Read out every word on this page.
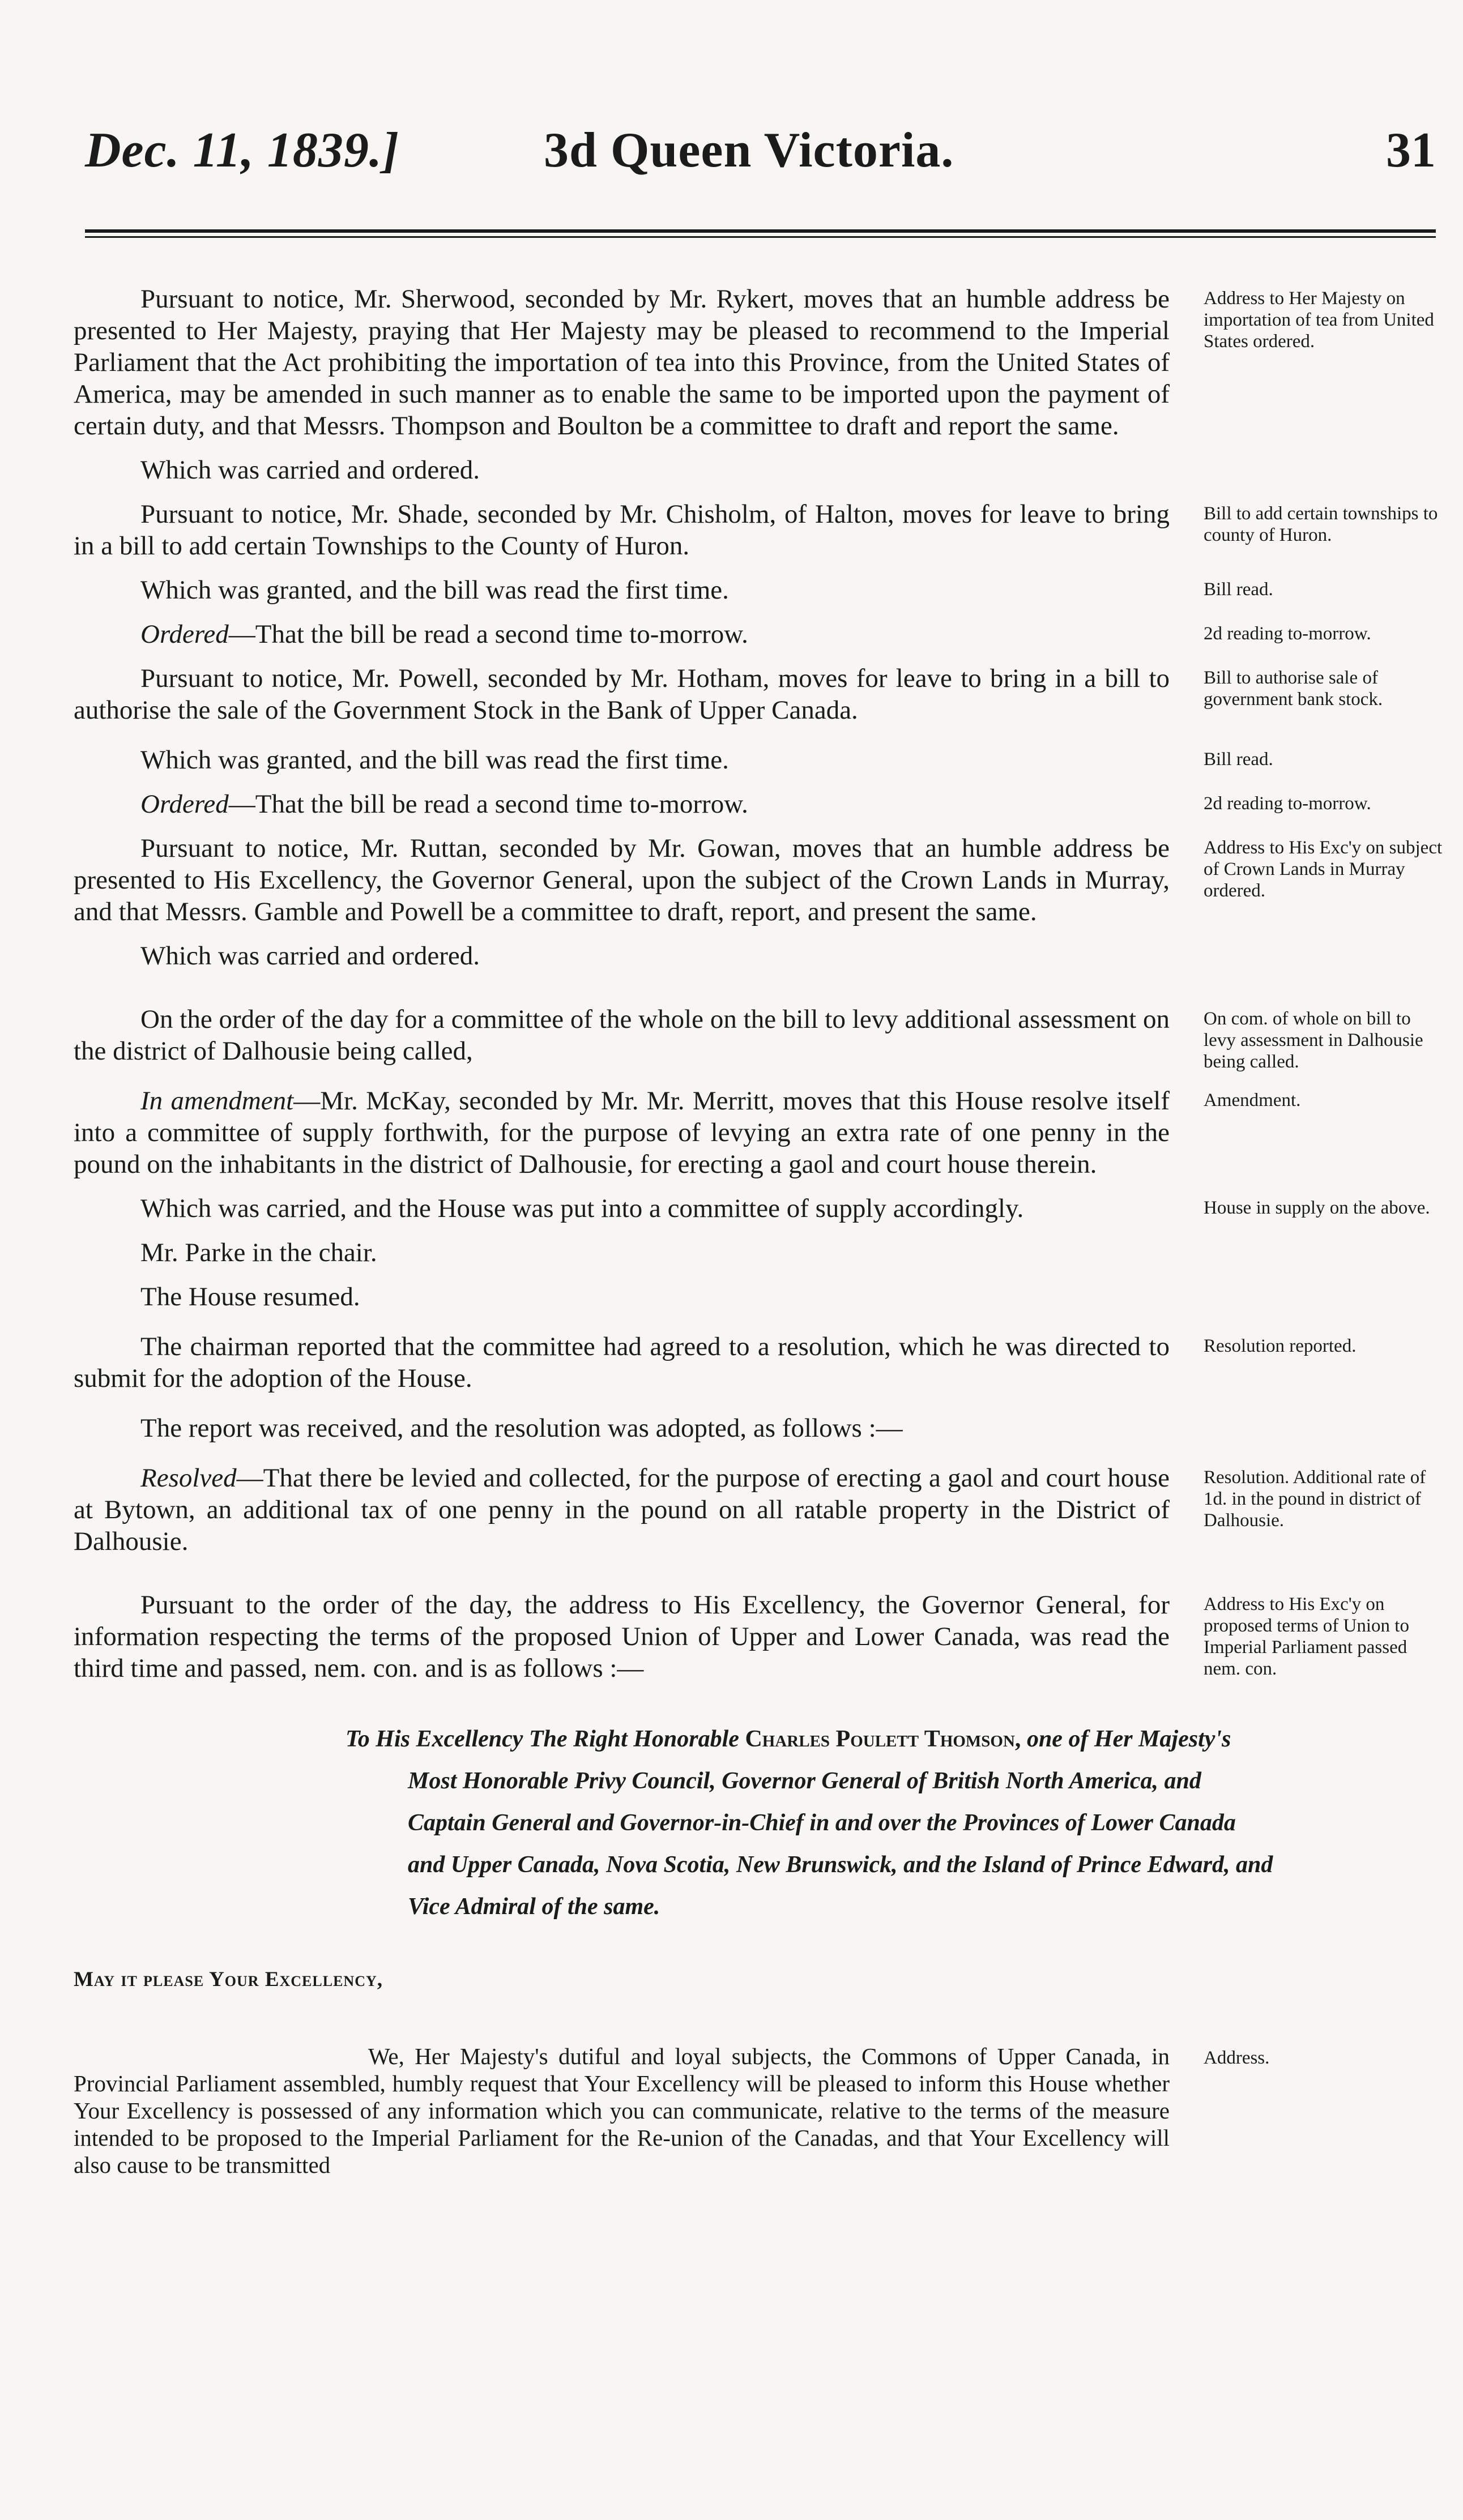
Dec. 11, 1839.]	3d Queen Victoria.	31
Pursuant to notice, Mr. Sherwood, seconded by Mr. Rykert, moves that an humble address be presented to Her Majesty, praying that Her Majesty may be pleased to recommend to the Imperial Parliament that the Act prohibiting the importation of tea into this Province, from the United States of America, may be amended in such manner as to enable the same to be imported upon the payment of certain duty, and that Messrs. Thompson and Boulton be a committee to draft and report the same.
Address to Her Majesty on importation of tea from United States ordered.
Which was carried and ordered.
Pursuant to notice, Mr. Shade, seconded by Mr. Chisholm, of Halton, moves for leave to bring in a bill to add certain Townships to the County of Huron.
Bill to add certain townships to county of Huron.
Which was granted, and the bill was read the first time.	Bill read.
Ordered—That the bill be read a second time to-morrow.	2d reading to-morrow.
Pursuant to notice, Mr. Powell, seconded by Mr. Hotham, moves for leave to bring in a bill to authorise the sale of the Government Stock in the Bank of Upper Canada.
Bill to authorise sale of government bank stock.
Which was granted, and the bill was read the first time.	Bill read.
Ordered—That the bill be read a second time to-morrow.	2d reading to-morrow.
Pursuant to notice, Mr. Ruttan, seconded by Mr. Gowan, moves that an humble address be presented to His Excellency, the Governor General, upon the subject of the Crown Lands in Murray, and that Messrs. Gamble and Powell be a committee to draft, report, and present the same.
Address to His Exc'y on subject of Crown Lands in Murray ordered.
Which was carried and ordered.
On the order of the day for a committee of the whole on the bill to levy additional assessment on the district of Dalhousie being called,
On com. of whole on bill to levy assessment in Dalhousie being called.
In amendment—Mr. McKay, seconded by Mr. Mr. Merritt, moves that this House resolve itself into a committee of supply forthwith, for the purpose of levying an extra rate of one penny in the pound on the inhabitants in the district of Dalhousie, for erecting a gaol and court house therein.
Amendment.
Which was carried, and the House was put into a committee of supply accordingly.	House in supply on the above.
Mr. Parke in the chair.
The House resumed.
The chairman reported that the committee had agreed to a resolution, which he was directed to submit for the adoption of the House.
Resolution reported.
The report was received, and the resolution was adopted, as follows :—
Resolved—That there be levied and collected, for the purpose of erecting a gaol and court house at Bytown, an additional tax of one penny in the pound on all ratable property in the District of Dalhousie.
Resolution. Additional rate of 1d. in the pound in district of Dalhousie.
Pursuant to the order of the day, the address to His Excellency, the Governor General, for information respecting the terms of the proposed Union of Upper and Lower Canada, was read the third time and passed, nem. con. and is as follows :—
Address to His Exc'y on proposed terms of Union to Imperial Parliament passed nem. con.
To His Excellency The Right Honorable Charles Poulett Thomson, one of Her Majesty's Most Honorable Privy Council, Governor General of British North America, and Captain General and Governor-in-Chief in and over the Provinces of Lower Canada and Upper Canada, Nova Scotia, New Brunswick, and the Island of Prince Edward, and Vice Admiral of the same.
May it please Your Excellency,
We, Her Majesty's dutiful and loyal subjects, the Commons of Upper Canada, in Provincial Parliament assembled, humbly request that Your Excellency will be pleased to inform this House whether Your Excellency is possessed of any information which you can communicate, relative to the terms of the measure intended to be proposed to the Imperial Parliament for the Re-union of the Canadas, and that Your Excellency will also cause to be transmitted
Address.
